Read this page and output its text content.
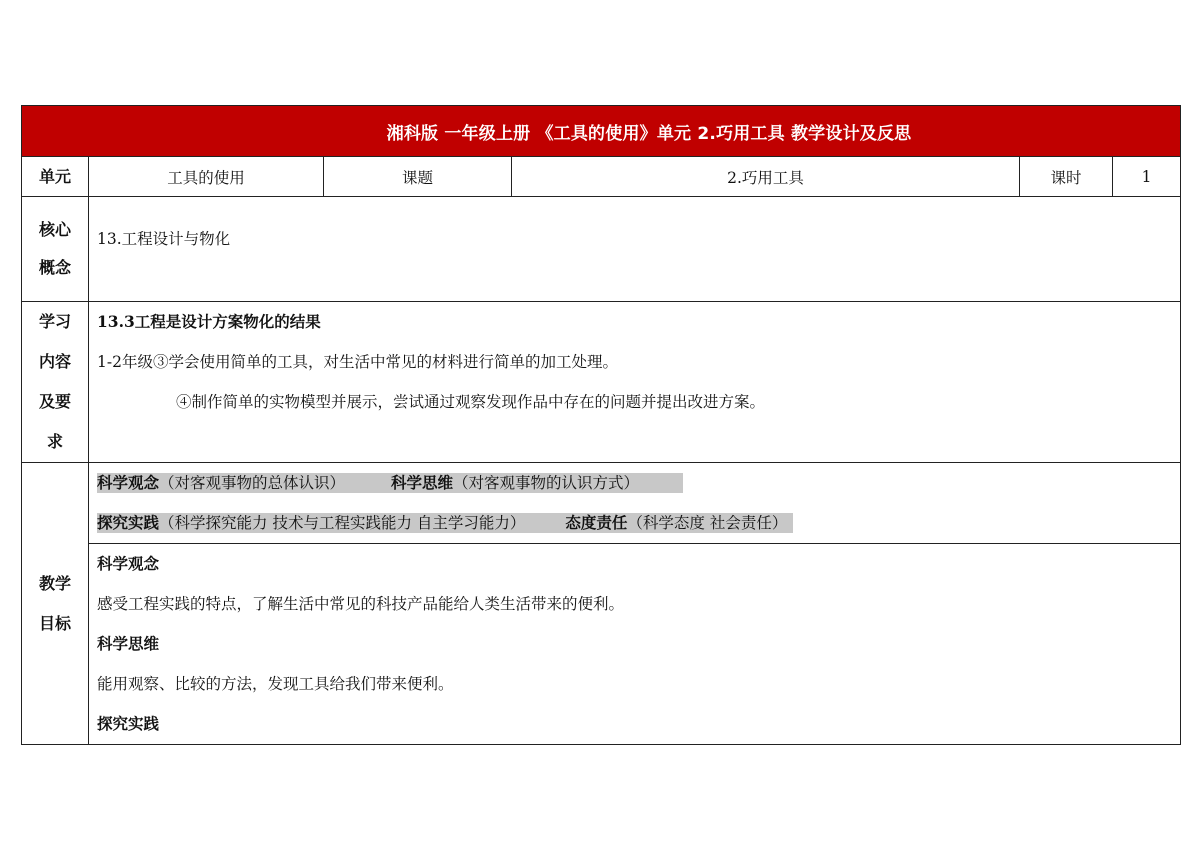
湘科版 一年级上册 《工具的使用》单元 2.巧用工具 教学设计及反思					
单元	工具的使用	课题	2.巧用工具	课时	1

核心
概念	13.工程设计与物化				

学习
内容
及要
求	13.3工程是设计方案物化的结果
1-2年级③学会使用简单的工具，对生活中常见的材料进行简单的加工处理。
④制作简单的实物模型并展示，尝试通过观察发现作品中存在的问题并提出改进方案。				

教学
目标	科学观念（对客观事物的总体认识） 科学思维（对客观事物的认识方式）
探究实践（科学探究能力 技术与工程实践能力 自主学习能力） 态度责任（科学态度 社会责任）				

	科学观念
感受工程实践的特点，了解生活中常见的科技产品能给人类生活带来的便利。
科学思维
能用观察、比较的方法，发现工具给我们带来便利。
探究实践				
